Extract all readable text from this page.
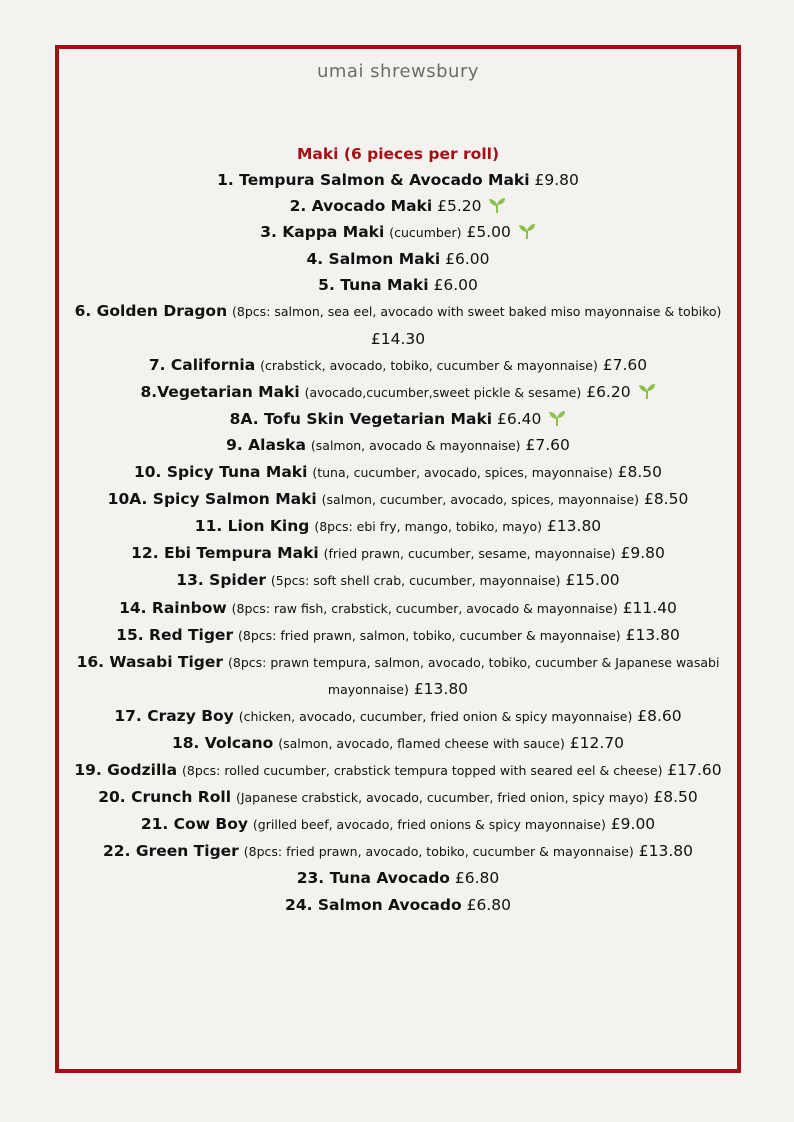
umai shrewsbury
Maki (6 pieces per roll)
1. Tempura Salmon & Avocado Maki £9.80
2. Avocado Maki £5.20
3. Kappa Maki (cucumber) £5.00
4. Salmon Maki £6.00
5. Tuna Maki £6.00
6. Golden Dragon (8pcs: salmon, sea eel, avocado with sweet baked miso mayonnaise & tobiko) £14.30
7. California (crabstick, avocado, tobiko, cucumber & mayonnaise) £7.60
8.Vegetarian Maki (avocado,cucumber,sweet pickle & sesame) £6.20
8A. Tofu Skin Vegetarian Maki £6.40
9. Alaska (salmon, avocado & mayonnaise) £7.60
10. Spicy Tuna Maki (tuna, cucumber, avocado, spices, mayonnaise) £8.50
10A. Spicy Salmon Maki (salmon, cucumber, avocado, spices, mayonnaise) £8.50
11. Lion King (8pcs: ebi fry, mango, tobiko, mayo) £13.80
12. Ebi Tempura Maki (fried prawn, cucumber, sesame, mayonnaise) £9.80
13. Spider (5pcs: soft shell crab, cucumber, mayonnaise) £15.00
14. Rainbow (8pcs: raw fish, crabstick, cucumber, avocado & mayonnaise) £11.40
15. Red Tiger (8pcs: fried prawn, salmon, tobiko, cucumber & mayonnaise) £13.80
16. Wasabi Tiger (8pcs: prawn tempura, salmon, avocado, tobiko, cucumber & Japanese wasabi mayonnaise) £13.80
17. Crazy Boy (chicken, avocado, cucumber, fried onion & spicy mayonnaise) £8.60
18. Volcano (salmon, avocado, flamed cheese with sauce) £12.70
19. Godzilla (8pcs: rolled cucumber, crabstick tempura topped with seared eel & cheese) £17.60
20. Crunch Roll (Japanese crabstick, avocado, cucumber, fried onion, spicy mayo) £8.50
21. Cow Boy (grilled beef, avocado, fried onions & spicy mayonnaise) £9.00
22. Green Tiger (8pcs: fried prawn, avocado, tobiko, cucumber & mayonnaise) £13.80
23. Tuna Avocado £6.80
24. Salmon Avocado £6.80
